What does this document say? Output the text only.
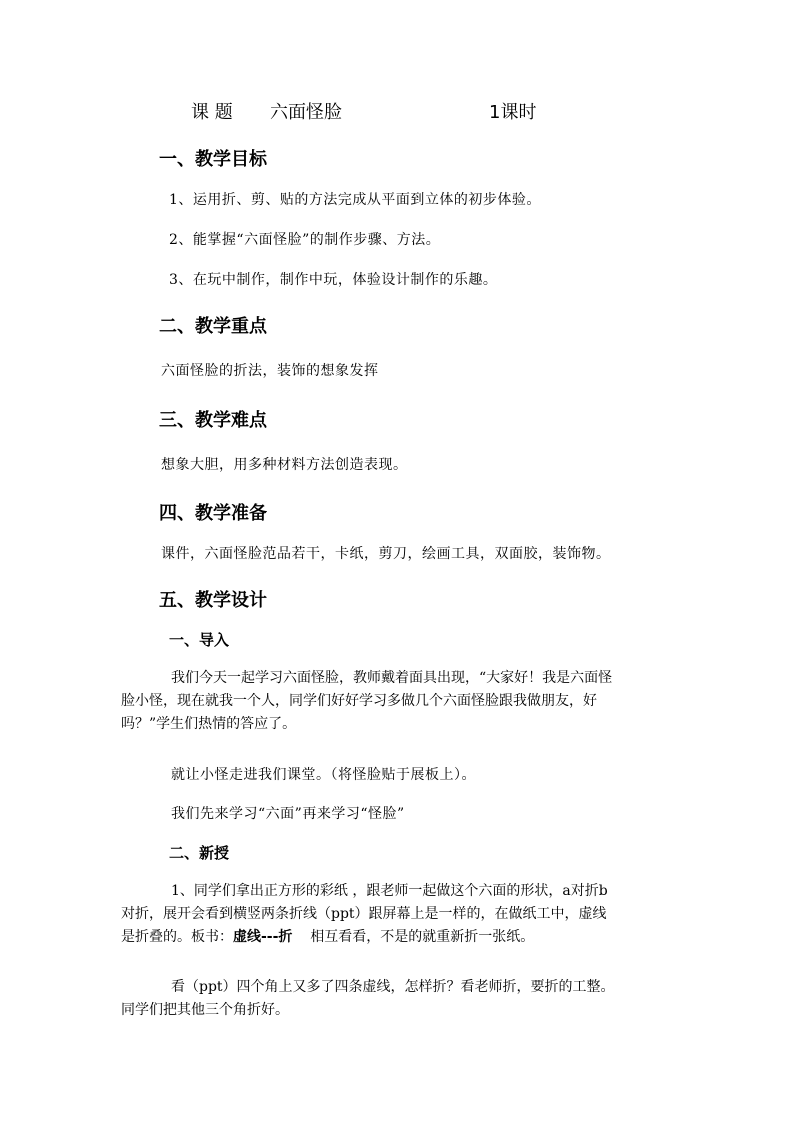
课 题 六面怪脸	1课时
一、教学目标
1、运用折、剪、贴的方法完成从平面到立体的初步体验。
2、能掌握“六面怪脸”的制作步骤、方法。
3、在玩中制作，制作中玩，体验设计制作的乐趣。
二、教学重点
六面怪脸的折法，装饰的想象发挥
三、教学难点
想象大胆，用多种材料方法创造表现。
四、教学准备
课件，六面怪脸范品若干，卡纸，剪刀，绘画工具，双面胶，装饰物。
五、教学设计
一、导入
我们今天一起学习六面怪脸，教师戴着面具出现，“大家好！我是六面怪
脸小怪，现在就我一个人，同学们好好学习多做几个六面怪脸跟我做朋友，好
吗？”学生们热情的答应了。
就让小怪走进我们课堂。（将怪脸贴于展板上）。
我们先来学习“六面”再来学习“怪脸”
二、新授
1、同学们拿出正方形的彩纸 ，跟老师一起做这个六面的形状，a对折b
对折，展开会看到横竖两条折线（ppt）跟屏幕上是一样的，在做纸工中，虚线
是折叠的。板书：虚线---折    相互看看，不是的就重新折一张纸。
看（ppt）四个角上又多了四条虚线，怎样折？看老师折，要折的工整。
同学们把其他三个角折好。
